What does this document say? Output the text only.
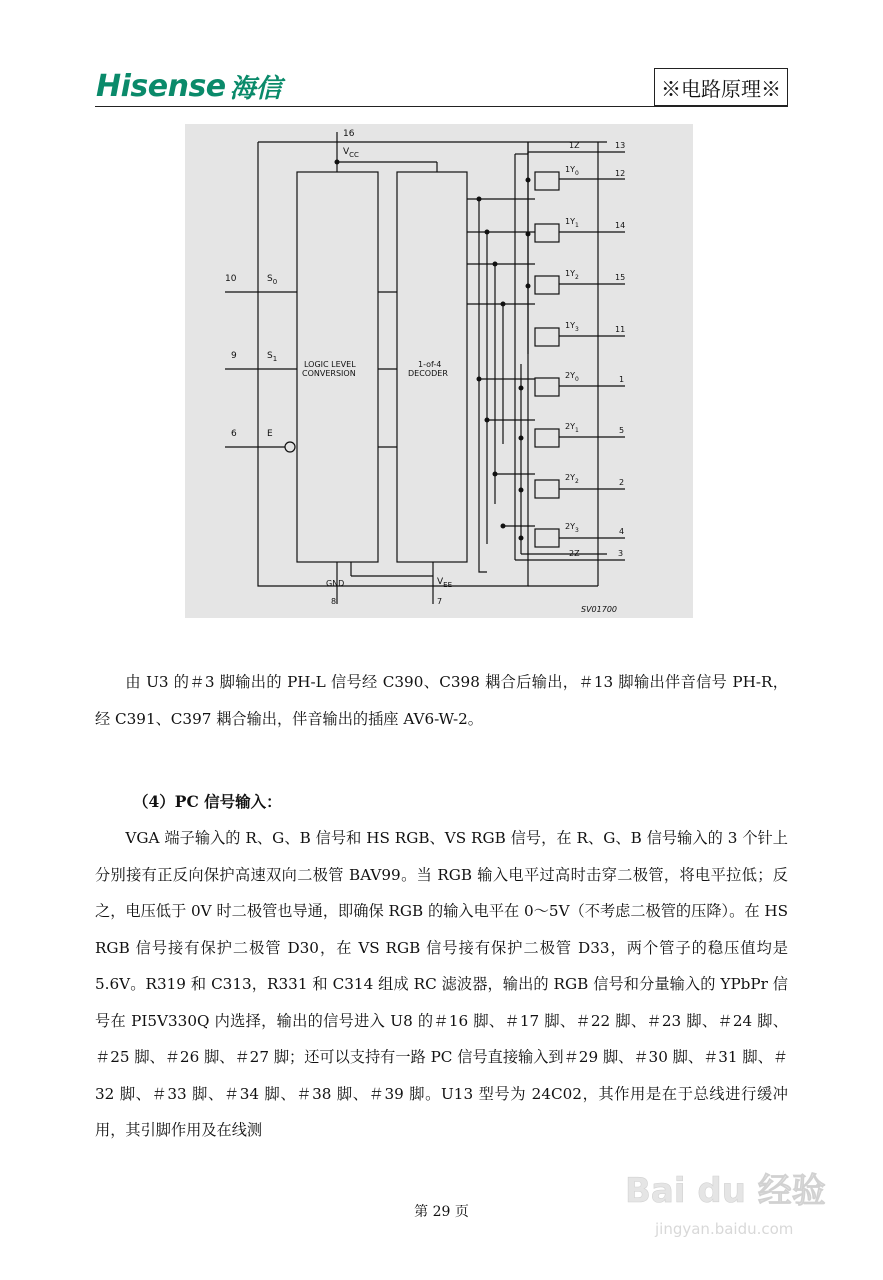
Hisense 海信	※电路原理※
16
$V_{CC}$
10	$S_0$
9	$S_1$
6	E
LOGIC LEVEL
CONVERSION
1-of-4
DECODER
GND
8
$V_{EE}$
7
1Z	13
2Z	3
$1Y_0$
$1Y_1$
$1Y_2$
$1Y_3$
$2Y_0$
$2Y_1$
$2Y_2$
$2Y_3$
12
14
15
11
1
5
2
4
SV01700

由 U3 的＃3 脚输出的 PH-L 信号经 C390、C398 耦合后输出，＃13 脚输出伴音信号 PH-R，经 C391、C397 耦合输出，伴音输出的插座 AV6-W-2。

（4）PC 信号输入：

VGA 端子输入的 R、G、B 信号和 HS RGB、VS RGB 信号，在 R、G、B 信号输入的 3 个针上分别接有正反向保护高速双向二极管 BAV99。当 RGB 输入电平过高时击穿二极管，将电平拉低；反之，电压低于 0V 时二极管也导通，即确保 RGB 的输入电平在 0～5V（不考虑二极管的压降）。在 HS RGB 信号接有保护二极管 D30，在 VS RGB 信号接有保护二极管 D33，两个管子的稳压值均是 5.6V。R319 和 C313，R331 和 C314 组成 RC 滤波器，输出的 RGB 信号和分量输入的 YPbPr 信号在 PI5V330Q 内选择，输出的信号进入 U8 的＃16 脚、＃17 脚、＃22 脚、＃23 脚、＃24 脚、＃25 脚、＃26 脚、＃27 脚；还可以支持有一路 PC 信号直接输入到＃29 脚、＃30 脚、＃31 脚、＃32 脚、＃33 脚、＃34 脚、＃38 脚、＃39 脚。U13 型号为 24C02，其作用是在于总线进行缓冲用，其引脚作用及在线测

第 29 页
Bai du 经验
jingyan.baidu.com
